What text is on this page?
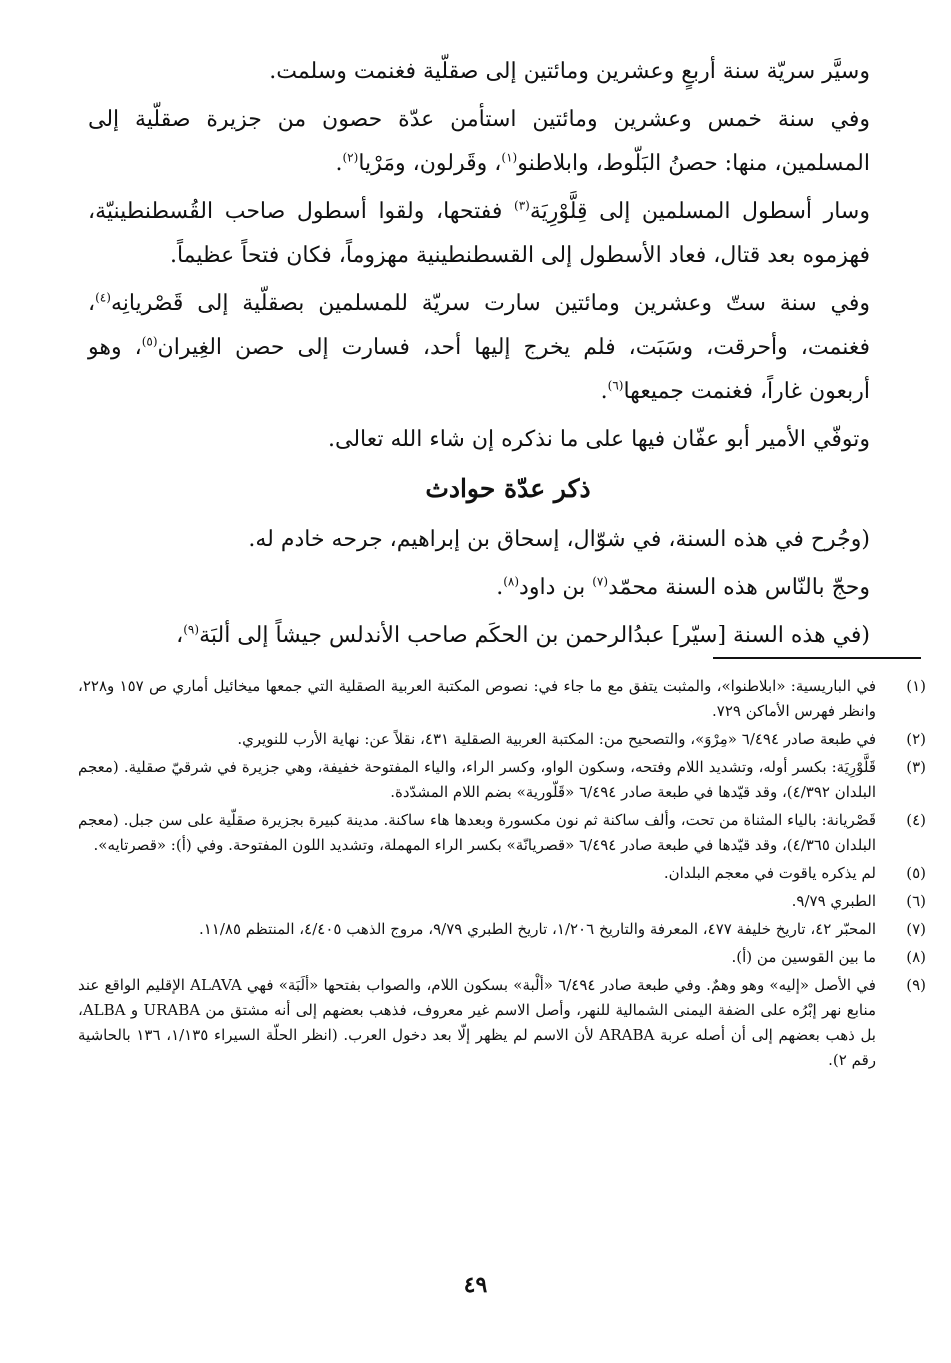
وسيَّر سريّة سنة أربعٍ وعشرين ومائتين إلى صقلّية فغنمت وسلمت.

وفي سنة خمس وعشرين ومائتين استأمن عدّة حصون من جزيرة صقلّية إلى المسلمين، منها: حصنُ البَلّوط، وابلاطنو$^{(١)}$، وقَرلون، ومَرْيا$^{(٢)}$.

وسار أسطول المسلمين إلى قِلَّوْرِيَة$^{(٣)}$ ففتحها، ولقوا أسطول صاحب القُسطنطينيّة، فهزموه بعد قتال، فعاد الأسطول إلى القسطنطينية مهزوماً، فكان فتحاً عظيماً.

وفي سنة ستّ وعشرين ومائتين سارت سريّة للمسلمين بصقلّية إلى قَصْريانِه$^{(٤)}$، فغنمت، وأحرقت، وسَبَت، فلم يخرج إليها أحد، فسارت إلى حصن الغِيران$^{(٥)}$، وهو أربعون غاراً، فغنمت جميعها$^{(٦)}$.

وتوفّي الأمير أبو عفّان فيها على ما نذكره إن شاء الله تعالى.

ذكر عدّة حوادث

(وجُرح في هذه السنة، في شوّال، إسحاق بن إبراهيم، جرحه خادم له.

وحجّ بالنّاس هذه السنة محمّد$^{(٧)}$ بن داود$^{(٨)}$.

(في هذه السنة [سيّر] عبدُالرحمن بن الحكَم صاحب الأندلس جيشاً إلى ألبَة$^{(٩)}$،

(١)
في الباريسية: «ابلاطنوا»، والمثبت يتفق مع ما جاء في: نصوص المكتبة العربية الصقلية التي جمعها ميخائيل أماري ص ١٥٧ و٢٢٨، وانظر فهرس الأماكن ٧٢٩.
(٢)
في طبعة صادر ٦/٤٩٤ «مِرْوَ»، والتصحيح من: المكتبة العربية الصقلية ٤٣١، نقلاً عن: نهاية الأرب للنويري.
(٣)
قَلَّوْرِيَة: بكسر أوله، وتشديد اللام وفتحه، وسكون الواو، وكسر الراء، والياء المفتوحة خفيفة، وهي جزيرة في شرقيّ صقلية. (معجم البلدان ٤/٣٩٢)، وقد قيّدها في طبعة صادر ٦/٤٩٤ «قَلّورية» بضم اللام المشدّدة.
(٤)
قَصْريانة: بالياء المثناة من تحت، وألف ساكنة ثم نون مكسورة وبعدها هاء ساكنة. مدينة كبيرة بجزيرة صقلّية على سن جبل. (معجم البلدان ٤/٣٦٥)، وقد قيّدها في طبعة صادر ٦/٤٩٤ «قصريانّة» بكسر الراء المهملة، وتشديد اللون المفتوحة. وفي (أ): «قصرتايه».
(٥)
لم يذكره ياقوت في معجم البلدان.
(٦)
الطبري ٩/٧٩.
(٧)
المحبّر ٤٢، تاريخ خليفة ٤٧٧، المعرفة والتاريخ ١/٢٠٦، تاريخ الطبري ٩/٧٩، مروج الذهب ٤/٤٠٥، المنتظم ١١/٨٥.
(٨)
ما بين القوسين من (أ).
(٩)
في الأصل «إليه» وهو وهمٌ. وفي طبعة صادر ٦/٤٩٤ «ألْبة» بسكون اللام، والصواب بفتحها «ألَبَة» فهي ALAVA الإقليم الواقع عند منابع نهر إبْرُه على الضفة اليمنى الشمالية للنهر، وأصل الاسم غير معروف، فذهب بعضهم إلى أنه مشتق من URABA و ALBA، بل ذهب بعضهم إلى أن أصله عربة ARABA لأن الاسم لم يظهر إلّا بعد دخول العرب. (انظر الحلّة السيراء ١/١٣٥، ١٣٦ بالحاشية رقم ٢).
٤٩
